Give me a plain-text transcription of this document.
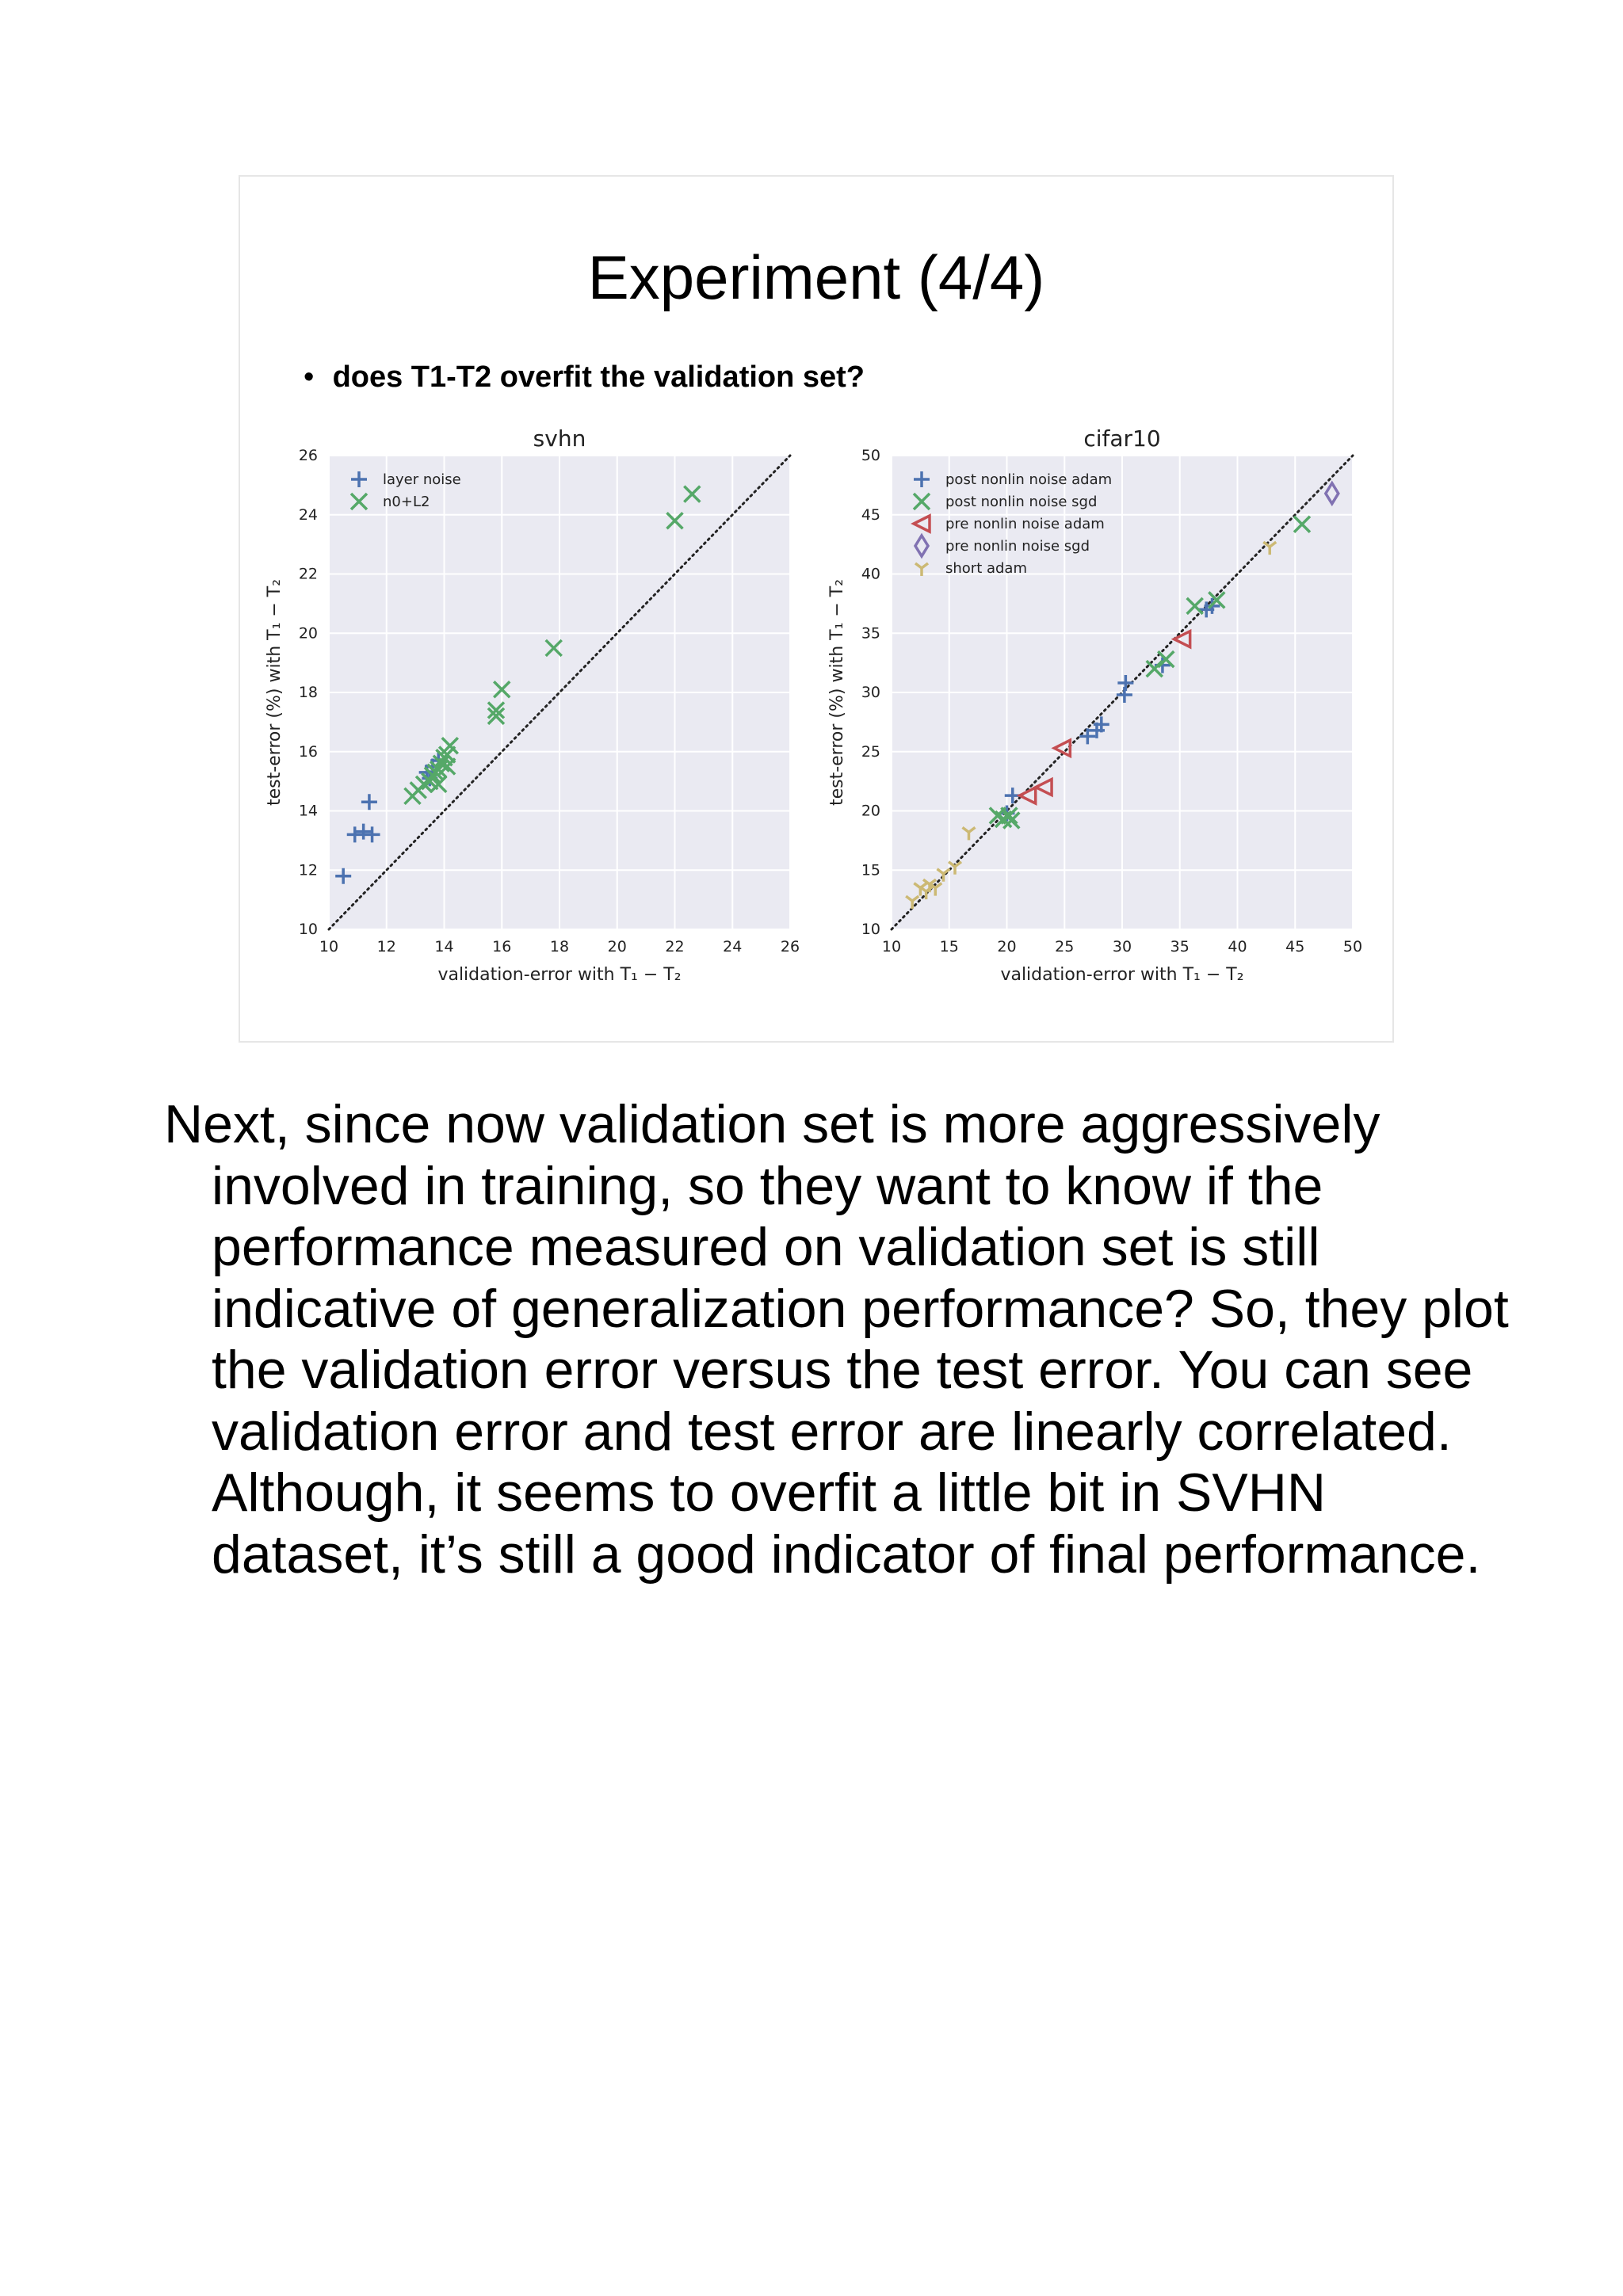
Experiment (4/4)
• does T1-T2 overfit the validation set?
10	12	14	16	18	20	22	24	26
10
12
14
16
18
20
22
24
26
svhn
validation-error with T₁ − T₂
test-error (%) with T₁ − T₂
layer noise
n0+L2
10	15	20	25	30	35	40	45	50
10
15
20
25
30
35
40
45
50
cifar10
validation-error with T₁ − T₂
test-error (%) with T₁ − T₂
post nonlin noise adam
post nonlin noise sgd
pre nonlin noise adam
pre nonlin noise sgd
short adam
Next, since now validation set is more aggressively involved in training, so they want to know if the performance measured on validation set is still indicative of generalization performance? So, they plot the validation error versus the test error. You can see validation error and test error are linearly correlated. Although, it seems to overfit a little bit in SVHN dataset, it’s still a good indicator of final performance.
